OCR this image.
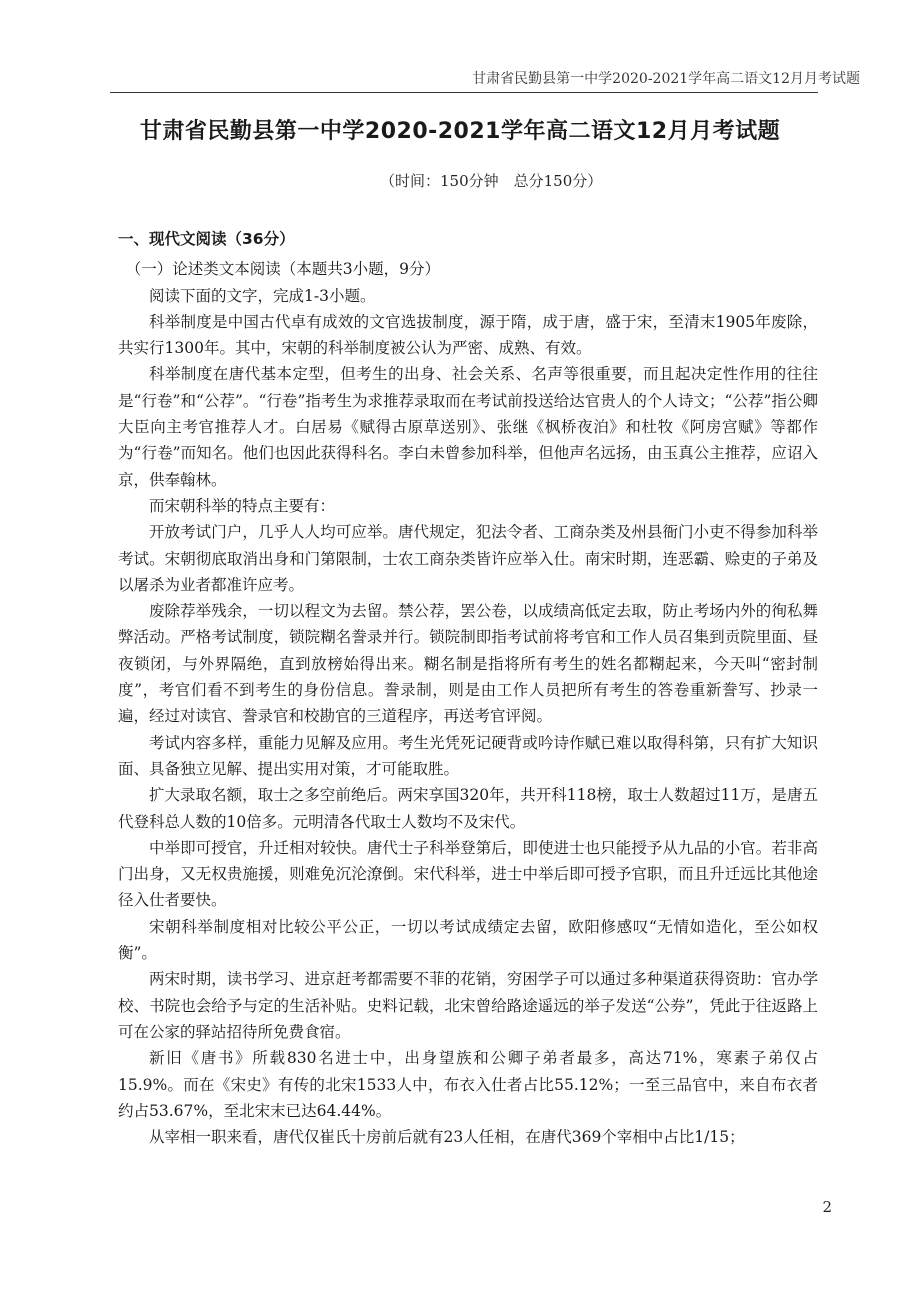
甘肃省民勤县第一中学2020-2021学年高二语文12月月考试题
甘肃省民勤县第一中学2020-2021学年高二语文12月月考试题
（时间：150分钟　总分150分）

一、现代文阅读（36分）

（一）论述类文本阅读（本题共3小题，9分）

阅读下面的文字，完成1-3小题。

科举制度是中国古代卓有成效的文官选拔制度，源于隋，成于唐，盛于宋，至清末1905年废除，共实行1300年。其中，宋朝的科举制度被公认为严密、成熟、有效。

科举制度在唐代基本定型，但考生的出身、社会关系、名声等很重要，而且起决定性作用的往往是“行卷”和“公荐”。“行卷”指考生为求推荐录取而在考试前投送给达官贵人的个人诗文；“公荐”指公卿大臣向主考官推荐人才。白居易《赋得古原草送别》、张继《枫桥夜泊》和杜牧《阿房宫赋》等都作为“行卷”而知名。他们也因此获得科名。李白未曾参加科举，但他声名远扬，由玉真公主推荐，应诏入京，供奉翰林。

而宋朝科举的特点主要有：

开放考试门户，几乎人人均可应举。唐代规定，犯法令者、工商杂类及州县衙门小吏不得参加科举考试。宋朝彻底取消出身和门第限制，士农工商杂类皆许应举入仕。南宋时期，连恶霸、赊吏的子弟及以屠杀为业者都准许应考。

废除荐举残余，一切以程文为去留。禁公荐，罢公卷，以成绩高低定去取，防止考场内外的徇私舞弊活动。严格考试制度，锁院糊名誊录并行。锁院制即指考试前将考官和工作人员召集到贡院里面、昼夜锁闭，与外界隔绝，直到放榜始得出来。糊名制是指将所有考生的姓名都糊起来，今天叫“密封制度”，考官们看不到考生的身份信息。誊录制，则是由工作人员把所有考生的答卷重新誊写、抄录一遍，经过对读官、誊录官和校勘官的三道程序，再送考官评阅。

考试内容多样，重能力见解及应用。考生光凭死记硬背或吟诗作赋已难以取得科第，只有扩大知识面、具备独立见解、提出实用对策，才可能取胜。

扩大录取名额，取士之多空前绝后。两宋享国320年，共开科118榜，取士人数超过11万，是唐五代登科总人数的10倍多。元明清各代取士人数均不及宋代。

中举即可授官，升迁相对较快。唐代士子科举登第后，即使进士也只能授予从九品的小官。若非高门出身，又无权贵施援，则难免沉沦潦倒。宋代科举，进士中举后即可授予官职，而且升迁远比其他途径入仕者要快。

宋朝科举制度相对比较公平公正，一切以考试成绩定去留，欧阳修感叹“无情如造化，至公如权衡”。

两宋时期，读书学习、进京赶考都需要不菲的花销，穷困学子可以通过多种渠道获得资助：官办学校、书院也会给予与定的生活补贴。史料记载，北宋曾给路途遥远的举子发送“公券”，凭此于往返路上可在公家的驿站招待所免费食宿。

新旧《唐书》所载830名进士中，出身望族和公卿子弟者最多，高达71%，寒素子弟仅占15.9%。而在《宋史》有传的北宋1533人中，布衣入仕者占比55.12%；一至三品官中，来自布衣者约占53.67%，至北宋末已达64.44%。

从宰相一职来看，唐代仅崔氏十房前后就有23人任相，在唐代369个宰相中占比1/15；

2
